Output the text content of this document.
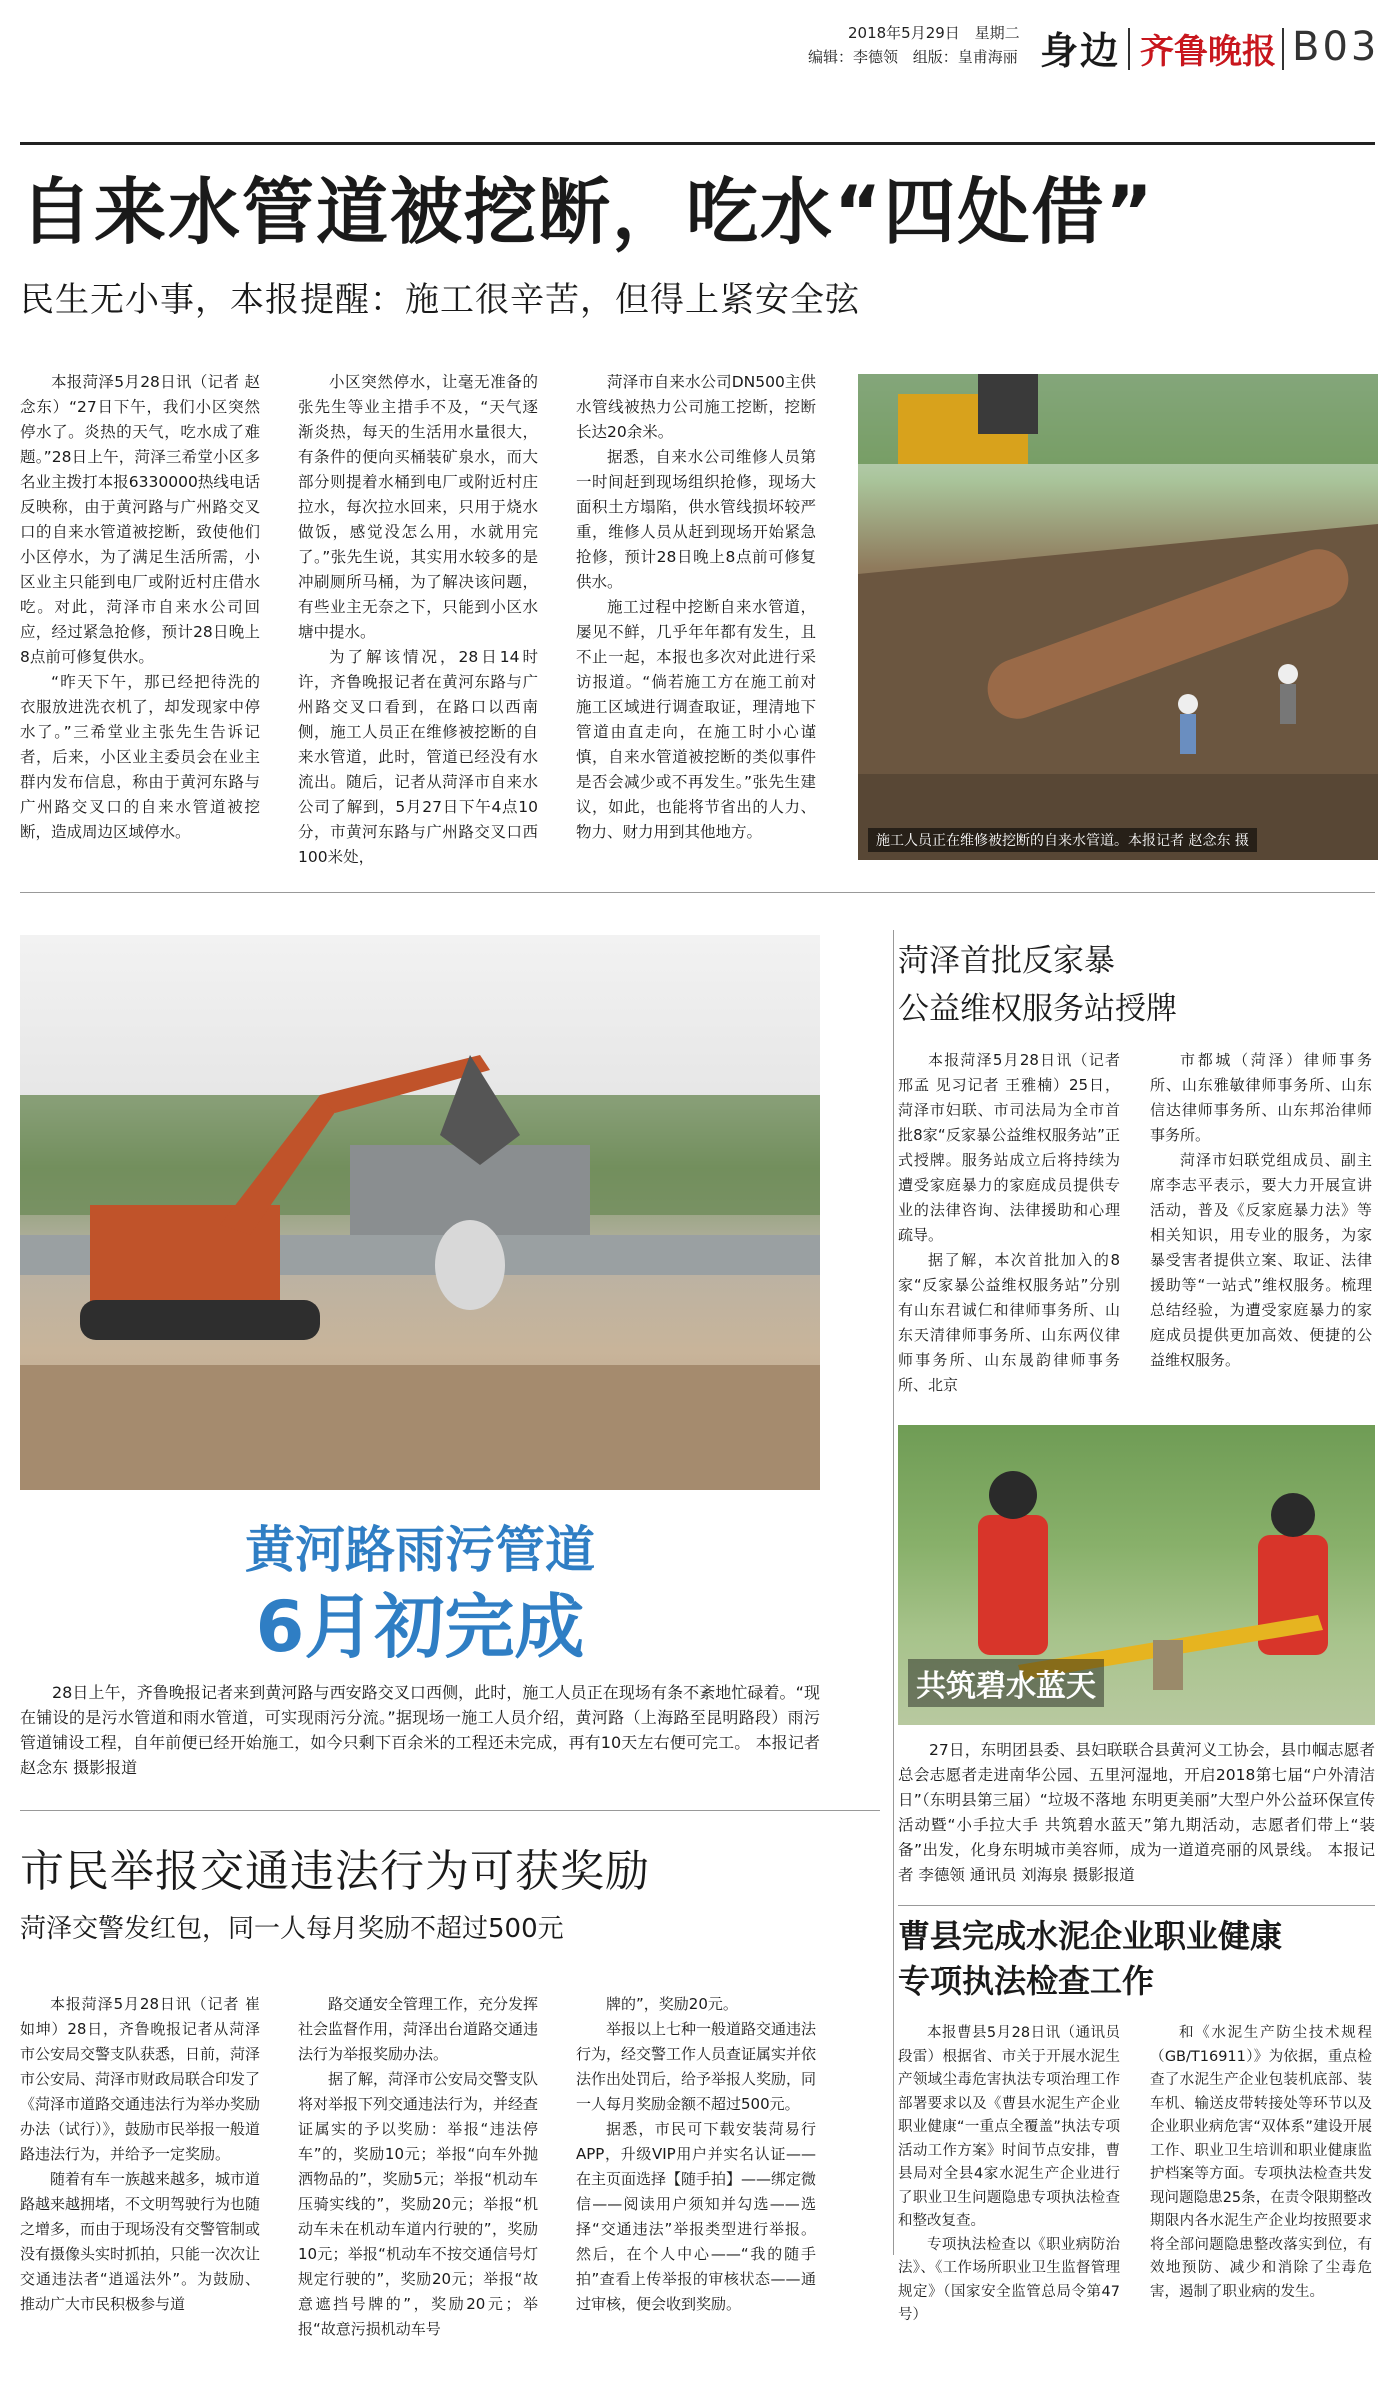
2018年5月29日 星期二
编辑：李德领 组版：皇甫海丽 身边 齐鲁晚报 B03
自来水管道被挖断，吃水“四处借”
民生无小事，本报提醒：施工很辛苦，但得上紧安全弦

本报菏泽5月28日讯（记者 赵念东）“27日下午，我们小区突然停水了。炎热的天气，吃水成了难题。”28日上午，菏泽三希堂小区多名业主拨打本报6330000热线电话反映称，由于黄河路与广州路交叉口的自来水管道被挖断，致使他们小区停水，为了满足生活所需，小区业主只能到电厂或附近村庄借水吃。对此，菏泽市自来水公司回应，经过紧急抢修，预计28日晚上8点前可修复供水。

“昨天下午，那已经把待洗的衣服放进洗衣机了，却发现家中停水了。”三希堂业主张先生告诉记者，后来，小区业主委员会在业主群内发布信息，称由于黄河东路与广州路交叉口的自来水管道被挖断，造成周边区域停水。

小区突然停水，让毫无准备的张先生等业主措手不及，“天气逐渐炎热，每天的生活用水量很大，有条件的便向买桶装矿泉水，而大部分则提着水桶到电厂或附近村庄拉水，每次拉水回来，只用于烧水做饭，感觉没怎么用，水就用完了。”张先生说，其实用水较多的是冲刷厕所马桶，为了解决该问题，有些业主无奈之下，只能到小区水塘中提水。

为了解该情况，28日14时许，齐鲁晚报记者在黄河东路与广州路交叉口看到，在路口以西南侧，施工人员正在维修被挖断的自来水管道，此时，管道已经没有水流出。随后，记者从菏泽市自来水公司了解到，5月27日下午4点10分，市黄河东路与广州路交叉口西100米处，

菏泽市自来水公司DN500主供水管线被热力公司施工挖断，挖断长达20余米。

据悉，自来水公司维修人员第一时间赶到现场组织抢修，现场大面积土方塌陷，供水管线损坏较严重，维修人员从赶到现场开始紧急抢修，预计28日晚上8点前可修复供水。

施工过程中挖断自来水管道，屡见不鲜，几乎年年都有发生，且不止一起，本报也多次对此进行采访报道。“倘若施工方在施工前对施工区域进行调查取证，理清地下管道由直走向，在施工时小心谨慎，自来水管道被挖断的类似事件是否会减少或不再发生。”张先生建议，如此，也能将节省出的人力、物力、财力用到其他地方。	施工人员正在维修被挖断的自来水管道。本报记者 赵念东 摄
黄河路雨污管道
6月初完成

28日上午，齐鲁晚报记者来到黄河路与西安路交叉口西侧，此时，施工人员正在现场有条不紊地忙碌着。“现在铺设的是污水管道和雨水管道，可实现雨污分流。”据现场一施工人员介绍，黄河路（上海路至昆明路段）雨污管道铺设工程，自年前便已经开始施工，如今只剩下百余米的工程还未完成，再有10天左右便可完工。 本报记者 赵念东 摄影报道

菏泽首批反家暴
公益维权服务站授牌

本报菏泽5月28日讯（记者 邢孟 见习记者 王雅楠）25日，菏泽市妇联、市司法局为全市首批8家“反家暴公益维权服务站”正式授牌。服务站成立后将持续为遭受家庭暴力的家庭成员提供专业的法律咨询、法律援助和心理疏导。

据了解，本次首批加入的8家“反家暴公益维权服务站”分别有山东君诚仁和律师事务所、山东天清律师事务所、山东两仪律师事务所、山东晟韵律师事务所、北京

市都城（菏泽）律师事务所、山东雅敏律师事务所、山东信达律师事务所、山东邦治律师事务所。

菏泽市妇联党组成员、副主席李志平表示，要大力开展宣讲活动，普及《反家庭暴力法》等相关知识，用专业的服务，为家暴受害者提供立案、取证、法律援助等“一站式”维权服务。梳理总结经验，为遭受家庭暴力的家庭成员提供更加高效、便捷的公益维权服务。

共筑碧水蓝天

27日，东明团县委、县妇联联合县黄河义工协会，县巾帼志愿者总会志愿者走进南华公园、五里河湿地，开启2018第七届“户外清洁日”（东明县第三届）“垃圾不落地 东明更美丽”大型户外公益环保宣传活动暨“小手拉大手 共筑碧水蓝天”第九期活动，志愿者们带上“装备”出发，化身东明城市美容师，成为一道道亮丽的风景线。 本报记者 李德领 通讯员 刘海泉 摄影报道

市民举报交通违法行为可获奖励
菏泽交警发红包，同一人每月奖励不超过500元

本报菏泽5月28日讯（记者 崔如坤）28日，齐鲁晚报记者从菏泽市公安局交警支队获悉，日前，菏泽市公安局、菏泽市财政局联合印发了《菏泽市道路交通违法行为举办奖励办法（试行）》，鼓励市民举报一般道路违法行为，并给予一定奖励。

随着有车一族越来越多，城市道路越来越拥堵，不文明驾驶行为也随之增多，而由于现场没有交警管制或没有摄像头实时抓拍，只能一次次让交通违法者“逍遥法外”。为鼓励、推动广大市民积极参与道

路交通安全管理工作，充分发挥社会监督作用，菏泽出台道路交通违法行为举报奖励办法。

据了解，菏泽市公安局交警支队将对举报下列交通违法行为，并经查证属实的予以奖励：举报“违法停车”的，奖励10元；举报“向车外抛洒物品的”，奖励5元；举报“机动车压骑实线的”，奖励20元；举报“机动车未在机动车道内行驶的”，奖励10元；举报“机动车不按交通信号灯规定行驶的”，奖励20元；举报“故意遮挡号牌的”，奖励20元；举报“故意污损机动车号

牌的”，奖励20元。

举报以上七种一般道路交通违法行为，经交警工作人员查证属实并依法作出处罚后，给予举报人奖励，同一人每月奖励金额不超过500元。

据悉，市民可下载安装菏易行APP，升级VIP用户并实名认证——在主页面选择【随手拍】——绑定微信——阅读用户须知并勾选——选择“交通违法”举报类型进行举报。然后，在个人中心——“我的随手拍”查看上传举报的审核状态——通过审核，便会收到奖励。

曹县完成水泥企业职业健康
专项执法检查工作

本报曹县5月28日讯（通讯员 段雷）根据省、市关于开展水泥生产领域尘毒危害执法专项治理工作部署要求以及《曹县水泥生产企业职业健康“一重点全覆盖”执法专项活动工作方案》时间节点安排，曹县局对全县4家水泥生产企业进行了职业卫生问题隐患专项执法检查和整改复查。

专项执法检查以《职业病防治法》、《工作场所职业卫生监督管理规定》（国家安全监管总局令第47号）

和《水泥生产防尘技术规程（GB/T16911）》为依据，重点检查了水泥生产企业包装机底部、装车机、输送皮带转接处等环节以及企业职业病危害“双体系”建设开展工作、职业卫生培训和职业健康监护档案等方面。专项执法检查共发现问题隐患25条，在责令限期整改期限内各水泥生产企业均按照要求将全部问题隐患整改落实到位，有效地预防、减少和消除了尘毒危害，遏制了职业病的发生。
